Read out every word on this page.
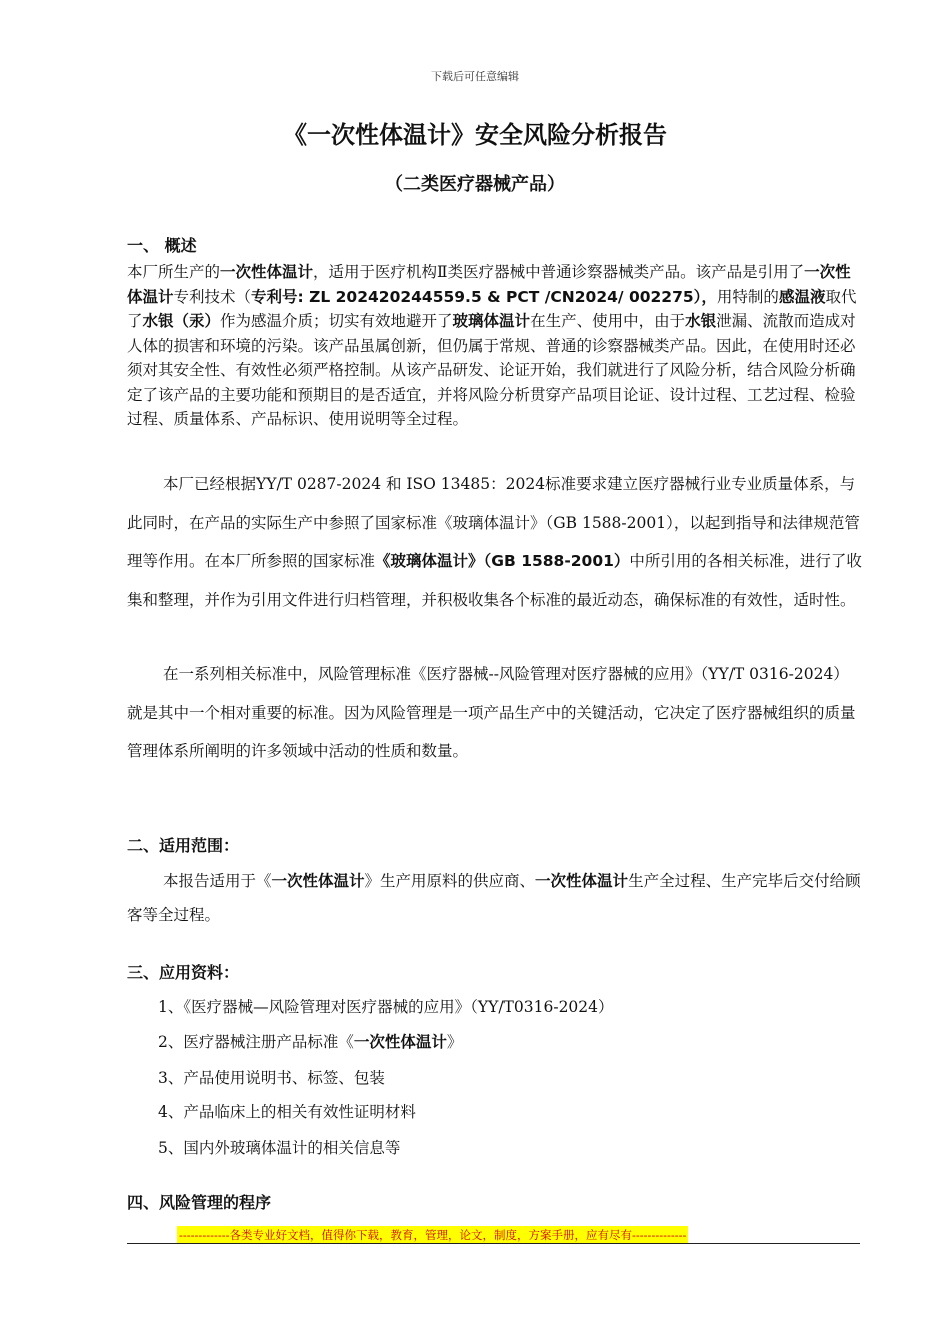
下载后可任意编辑
《一次性体温计》安全风险分析报告
（二类医疗器械产品）
一、 概述
本厂所生产的一次性体温计，适用于医疗机构Ⅱ类医疗器械中普通诊察器械类产品。该产品是引用了一次性体温计专利技术（专利号: ZL 202420244559.5 & PCT /CN2024/ 002275），用特制的感温液取代了水银（汞）作为感温介质；切实有效地避开了玻璃体温计在生产、使用中，由于水银泄漏、流散而造成对人体的损害和环境的污染。该产品虽属创新，但仍属于常规、普通的诊察器械类产品。因此，在使用时还必须对其安全性、有效性必须严格控制。从该产品研发、论证开始，我们就进行了风险分析，结合风险分析确定了该产品的主要功能和预期目的是否适宜，并将风险分析贯穿产品项目论证、设计过程、工艺过程、检验过程、质量体系、产品标识、使用说明等全过程。
本厂已经根据YY/T 0287-2024 和 ISO 13485：2024标准要求建立医疗器械行业专业质量体系，与此同时，在产品的实际生产中参照了国家标准《玻璃体温计》（GB 1588-2001），以起到指导和法律规范管理等作用。在本厂所参照的国家标准《玻璃体温计》（GB 1588-2001）中所引用的各相关标准，进行了收集和整理，并作为引用文件进行归档管理，并积极收集各个标准的最近动态，确保标准的有效性，适时性。
在一系列相关标准中，风险管理标准《医疗器械--风险管理对医疗器械的应用》（YY/T 0316-2024）就是其中一个相对重要的标准。因为风险管理是一项产品生产中的关键活动，它决定了医疗器械组织的质量管理体系所阐明的许多领域中活动的性质和数量。
二、适用范围：
本报告适用于《一次性体温计》生产用原料的供应商、一次性体温计生产全过程、生产完毕后交付给顾客等全过程。
三、应用资料：
1、《医疗器械—风险管理对医疗器械的应用》（YY/T0316-2024）
2、医疗器械注册产品标准《一次性体温计》
3、产品使用说明书、标签、包装
4、产品临床上的相关有效性证明材料
5、国内外玻璃体温计的相关信息等
四、风险管理的程序
-------------各类专业好文档，值得你下载，教育，管理，论文，制度，方案手册，应有尽有--------------
